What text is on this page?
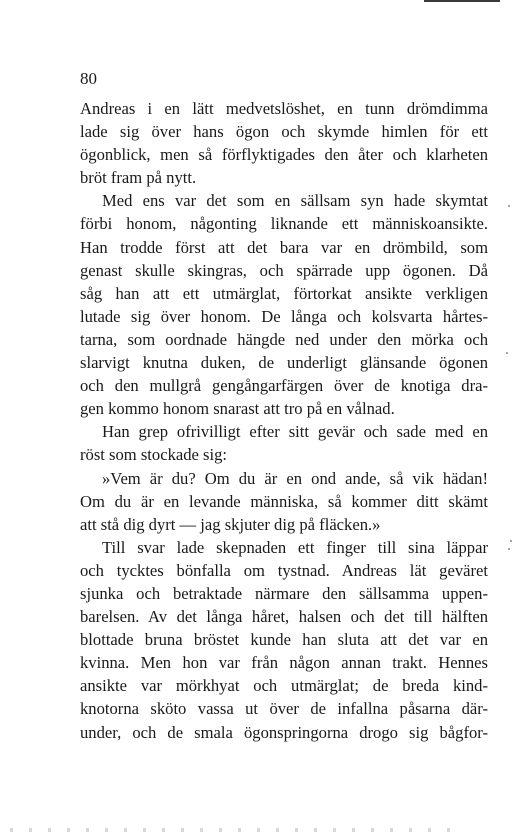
80
Andreas i en lätt medvetslöshet, en tunn drömdimma
lade sig över hans ögon och skymde himlen för ett
ögonblick, men så förflyktigades den åter och klarheten
bröt fram på nytt.
Med ens var det som en sällsam syn hade skymtat
förbi honom, någonting liknande ett människoansikte.
Han trodde först att det bara var en drömbild, som
genast skulle skingras, och spärrade upp ögonen. Då
såg han att ett utmärglat, förtorkat ansikte verkligen
lutade sig över honom. De långa och kolsvarta hårtes-
tarna, som oordnade hängde ned under den mörka och
slarvigt knutna duken, de underligt glänsande ögonen
och den mullgrå gengångarfärgen över de knotiga dra-
gen kommo honom snarast att tro på en vålnad.
Han grep ofrivilligt efter sitt gevär och sade med en
röst som stockade sig:
»Vem är du? Om du är en ond ande, så vik hädan!
Om du är en levande människa, så kommer ditt skämt
att stå dig dyrt — jag skjuter dig på fläcken.»
Till svar lade skepnaden ett finger till sina läppar
och tycktes bönfalla om tystnad. Andreas lät geväret
sjunka och betraktade närmare den sällsamma uppen-
barelsen. Av det långa håret, halsen och det till hälften
blottade bruna bröstet kunde han sluta att det var en
kvinna. Men hon var från någon annan trakt. Hennes
ansikte var mörkhyat och utmärglat; de breda kind-
knotorna sköto vassa ut över de infallna påsarna där-
under, och de smala ögonspringorna drogo sig bågfor-
